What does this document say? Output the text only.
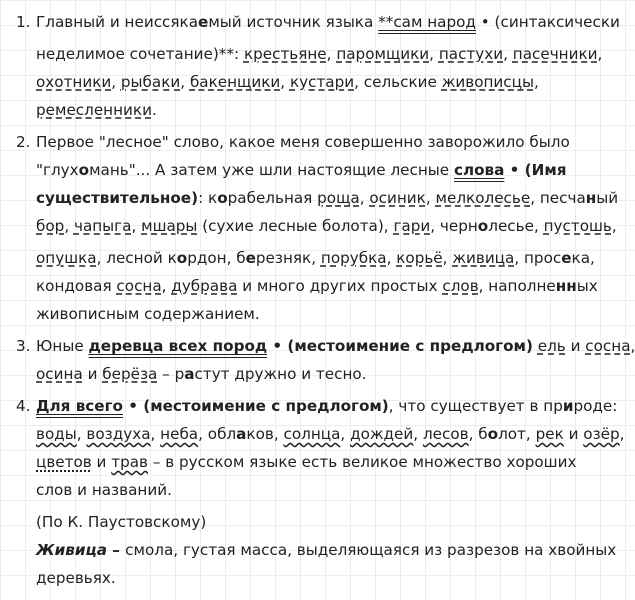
1.
2.
3.
4.
Главный и неиссякаемый источник языка **сам народ • (синтаксически
неделимое сочетание)**: крестьяне, паромщики, пастухи, пасечники,
охотники, рыбаки, бакенщики, кустари, сельские живописцы,
ремесленники.
Первое "лесное" слово, какое меня совершенно заворожило было
"глухомань"... А затем уже шли настоящие лесные слова • (Имя
существительное): корабельная роща, осиник, мелколесье, песчаный
бор, чапыга, мшары (сухие лесные болота), гари, чернолесье, пустошь,
опушка, лесной кордон, березняк, порубка, корьё, живица, просека,
кондовая сосна, дубрава и много других простых слов, наполненных
живописным содержанием.
Юные деревца всех пород • (местоимение с предлогом) ель и сосна,
осина и берёза – растут дружно и тесно.
Для всего • (местоимение с предлогом), что существует в природе:
воды, воздуха, неба, облаков, солнца, дождей, лесов, болот, рек и озёр,
цветов и трав – в русском языке есть великое множество хороших
слов и названий.
(По К. Паустовскому)
Живица – смола, густая масса, выделяющаяся из разрезов на хвойных
деревьях.
